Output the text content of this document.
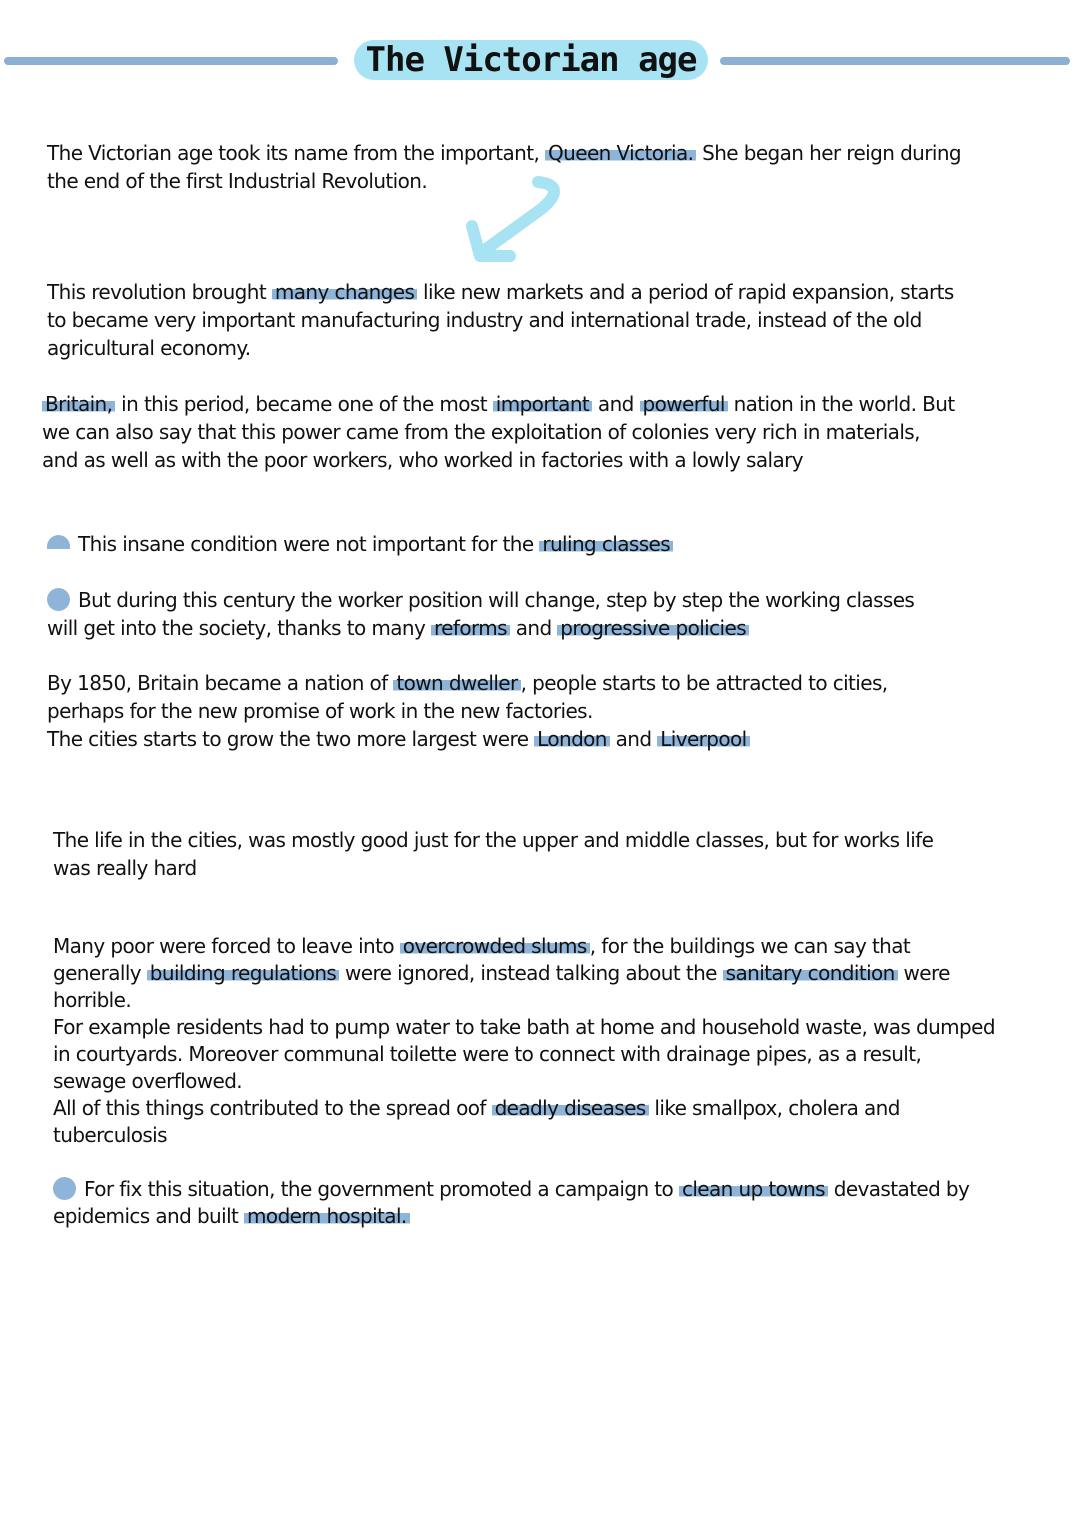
The Victorian age

The Victorian age took its name from the important, Queen Victoria. She began her reign during
the end of the first Industrial Revolution.

This revolution brought many changes like new markets and a period of rapid expansion, starts
to became very important manufacturing industry and international trade, instead of the old
agricultural economy.

Britain, in this period, became one of the most important and powerful nation in the world. But
we can also say that this power came from the exploitation of colonies very rich in materials,
and as well as with the poor workers, who worked in factories with a lowly salary

This insane condition were not important for the ruling classes

But during this century the worker position will change, step by step the working classes
will get into the society, thanks to many reforms and progressive policies

By 1850, Britain became a nation of town dweller , people starts to be attracted to cities,
perhaps for the new promise of work in the new factories.
The cities starts to grow the two more largest were London and Liverpool

The life in the cities, was mostly good just for the upper and middle classes, but for works life
was really hard

Many poor were forced to leave into overcrowded slums , for the buildings we can say that
generally building regulations were ignored, instead talking about the sanitary condition were
horrible.
For example residents had to pump water to take bath at home and household waste, was dumped
in courtyards. Moreover communal toilette were to connect with drainage pipes, as a result,
sewage overflowed.
All of this things contributed to the spread oof deadly diseases like smallpox, cholera and
tuberculosis

For fix this situation, the government promoted a campaign to clean up towns devastated by
epidemics and built modern hospital.
